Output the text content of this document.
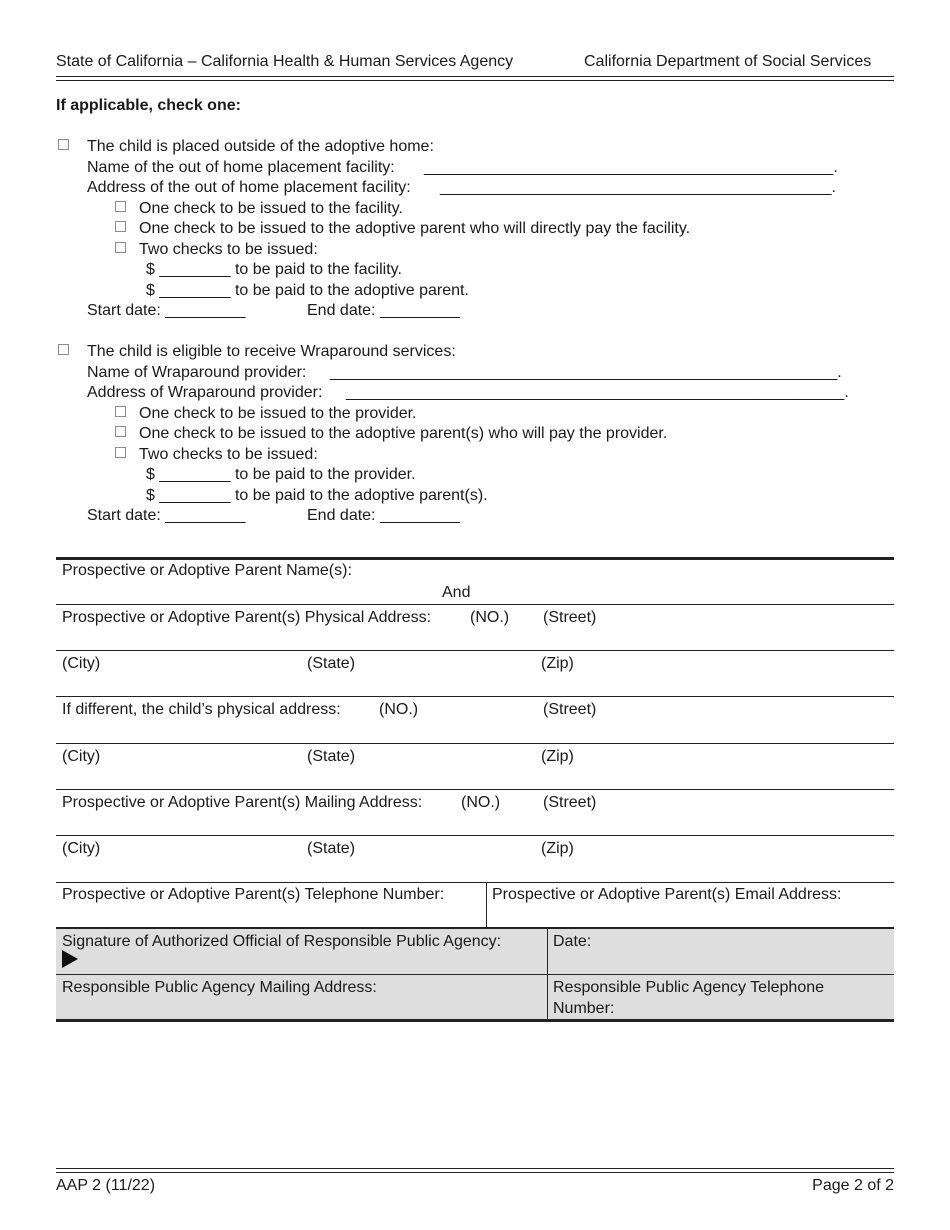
State of California – California Health & Human Services Agency	California Department of Social Services
If applicable, check one:
The child is placed outside of the adoptive home:
Name of the out of home placement facility: ______________________________________________.
Address of the out of home placement facility: ____________________________________________.
One check to be issued to the facility.
One check to be issued to the adoptive parent who will directly pay the facility.
Two checks to be issued:
$ ________ to be paid to the facility.
$ ________ to be paid to the adoptive parent.
Start date: _________	End date: _________
The child is eligible to receive Wraparound services:
Name of Wraparound provider: _________________________________________________________.
Address of Wraparound provider: ________________________________________________________.
One check to be issued to the provider.
One check to be issued to the adoptive parent(s) who will pay the provider.
Two checks to be issued:
$ ________ to be paid to the provider.
$ ________ to be paid to the adoptive parent(s).
Start date: _________	End date: _________
Prospective or Adoptive Parent Name(s):
And
Prospective or Adoptive Parent(s) Physical Address: (NO.) (Street)
(City)	(State)	(Zip)
If different, the child’s physical address: (NO.)	(Street)
(City)	(State)	(Zip)
Prospective or Adoptive Parent(s) Mailing Address: (NO.)	(Street)
(City)	(State)	(Zip)
Prospective or Adoptive Parent(s) Telephone Number:	Prospective or Adoptive Parent(s) Email Address:
Signature of Authorized Official of Responsible Public Agency:	Date:
Responsible Public Agency Mailing Address:	Responsible Public Agency Telephone
Number:
AAP 2 (11/22)	Page 2 of 2
